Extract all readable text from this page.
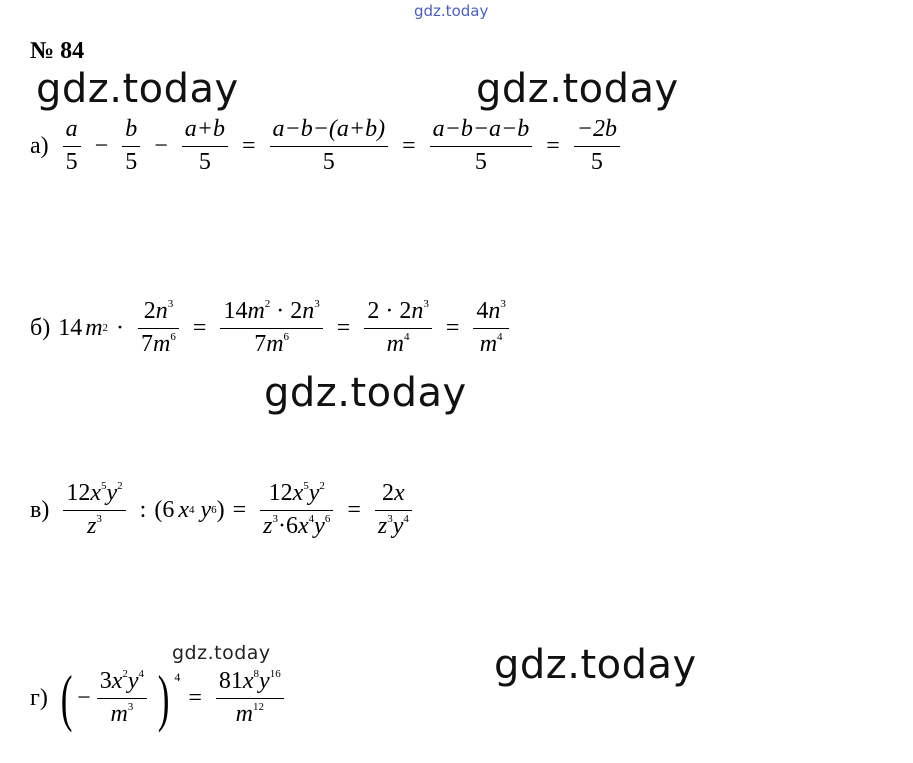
gdz.today
gdz.today	gdz.today
gdz.today
gdz.today
gdz.today
№ 84
$а) \frac{a}{5} - \frac{b}{5} - \frac{a+b}{5} = \frac{a-b-(a+b)}{5} = \frac{a-b-a-b}{5} = \frac{-2b}{5}$
б) 14 m $2 \cdot \frac{2n^3}{7m^6} = \frac{14m^2 \cdot 2n^3}{7m^6} = \frac{2 \cdot 2n^3}{m^4} = \frac{4n^3}{m^4}$
$в) \frac{12x^5y^2}{z^3}$ : ( 6 x 4
y 6 ) = $\frac{12x^5y^2}{z^3\cdot 6x^4y^6} = \frac{2x}{z^3y^4}$
г) ( − $\frac{3x^2y^4}{m^3}$ ) 4
= $\frac{81x^8y^{16}}{m^{12}}$
